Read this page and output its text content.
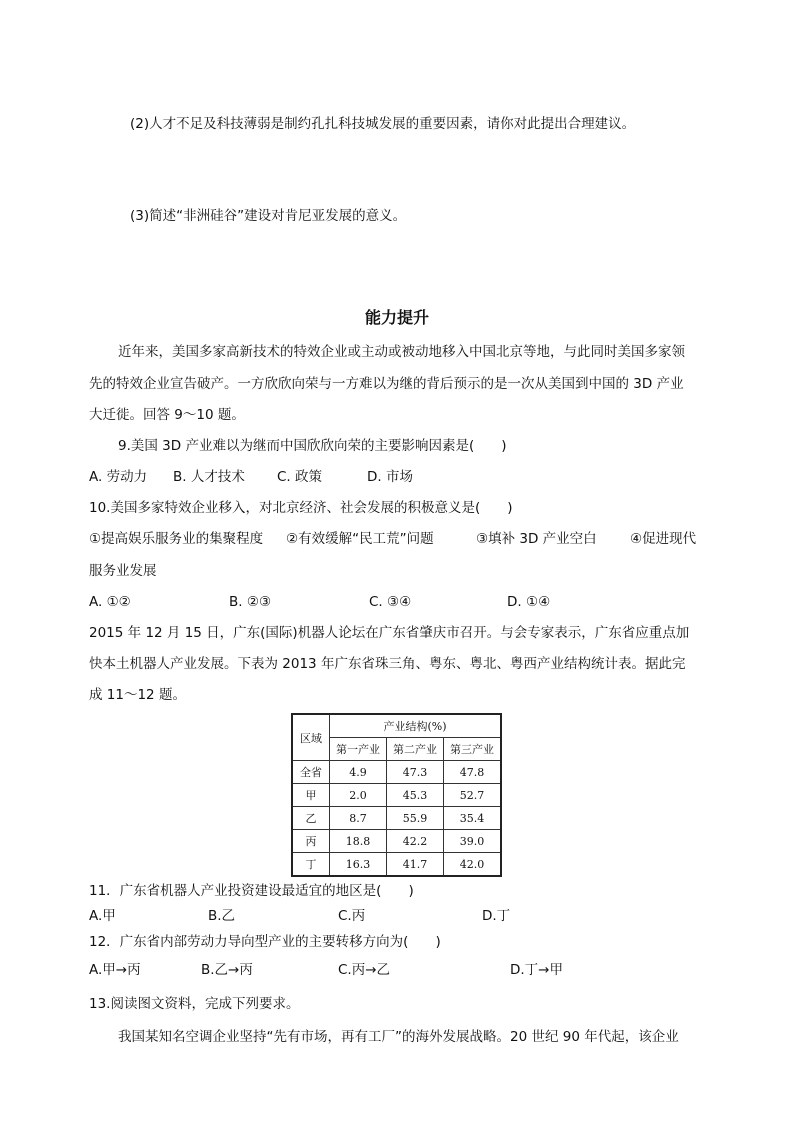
(2)人才不足及科技薄弱是制约孔扎科技城发展的重要因素，请你对此提出合理建议。
(3)简述“非洲硅谷”建设对肯尼亚发展的意义。
能力提升
近年来，美国多家高新技术的特效企业或主动或被动地移入中国北京等地，与此同时美国多家领
先的特效企业宣告破产。一方欣欣向荣与一方难以为继的背后预示的是一次从美国到中国的 3D 产业
大迁徙。回答 9～10 题。
9.美国 3D 产业难以为继而中国欣欣向荣的主要影响因素是(　　)
A. 劳动力 B. 人才技术 C. 政策	D. 市场
10.美国多家特效企业移入，对北京经济、社会发展的积极意义是(　　)
①提高娱乐服务业的集聚程度 ②有效缓解“民工荒”问题	③填补 3D 产业空白 ④促进现代
服务业发展
A. ①②	B. ②③	C. ③④	D. ①④
2015 年 12 月 15 日，广东(国际)机器人论坛在广东省肇庆市召开。与会专家表示，广东省应重点加
快本土机器人产业发展。下表为 2013 年广东省珠三角、粤东、粤北、粤西产业结构统计表。据此完
成 11～12 题。
区域	产业结构(%)		
	第一产业	第二产业	第三产业
全省	4.9	47.3	47.8
甲	2.0	45.3	52.7
乙	8.7	55.9	35.4
丙	18.8	42.2	39.0
丁	16.3	41.7	42.0
11．广东省机器人产业投资建设最适宜的地区是(　　)
A.甲	B.乙	C.丙	D.丁
12．广东省内部劳动力导向型产业的主要转移方向为(　　)
A.甲→丙	B.乙→丙	C.丙→乙	D.丁→甲
13.阅读图文资料，完成下列要求。
我国某知名空调企业坚持“先有市场，再有工厂”的海外发展战略。20 世纪 90 年代起，该企业
